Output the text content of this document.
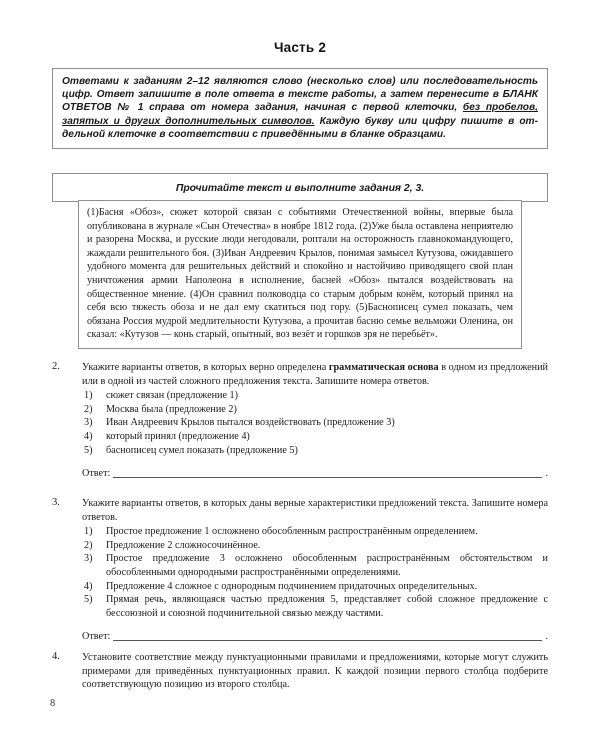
Часть 2

Ответами к заданиям 2–12 являются слово (несколько слов) или последовательность цифр. Ответ запишите в поле ответа в тексте работы, а затем перенесите в БЛАНК ОТВЕТОВ № 1 справа от номера задания, начиная с первой клеточки, без пробелов, запятых и других дополнительных символов. Каждую букву или цифру пишите в от- дельной клеточке в соответствии с приведёнными в бланке образцами.

Прочитайте текст и выполните задания 2, 3.

(1)Басня «Обоз», сюжет которой связан с событиями Отечественной войны, впервые была опубликована в журнале «Сын Отечества» в ноябре 1812 года. (2)Уже была оставлена неприятелю и разорена Москва, и русские люди негодовали, роптали на осторожность главнокомандующего, жаждали решительного боя. (3)Иван Андреевич Крылов, понимая замысел Кутузова, ожидавшего удобного момента для решительных действий и спокойно и настойчиво приводящего свой план уничтожения армии Наполеона в исполнение, басней «Обоз» пытался воздействовать на общественное мнение. (4)Он сравнил полководца со старым добрым конём, который принял на себя всю тяжесть обоза и не дал ему скатиться под гору. (5)Баснописец сумел показать, чем обязана Россия мудрой медлительности Кутузова, а прочитав басню семье вельможи Оленина, он сказал: «Кутузов — конь старый, опытный, воз везёт и горшков зря не перебьёт».

2.	Укажите варианты ответов, в которых верно определена грамматическая основа в одном из предложений или в одной из частей сложного предложения текста. Запишите номера ответов.

1)	сюжет связан (предложение 1)
2)	Москва была (предложение 2)
3)	Иван Андреевич Крылов пытался воздействовать (предложение 3)
4)	который принял (предложение 4)
5)	баснописец сумел показать (предложение 5)
Ответ:	.
3.	Укажите варианты ответов, в которых даны верные характеристики предложений текста. Запишите номера ответов.

1)	Простое предложение 1 осложнено обособленным распространённым определением.
2)	Предложение 2 сложносочинённое.
3)	Простое предложение 3 осложнено обособленным распространённым обстоятельством и обособленными однородными распространёнными определениями.
4)	Предложение 4 сложное с однородным подчинением придаточных определительных.
5)	Прямая речь, являющаяся частью предложения 5, представляет собой сложное предложение с бессоюзной и союзной подчинительной связью между частями.
Ответ:	.
4.	Установите соответствие между пунктуационными правилами и предложениями, которые могут служить примерами для приведённых пунктуационных правил. К каждой позиции первого столбца подберите соответствующую позицию из второго столбца.

8
